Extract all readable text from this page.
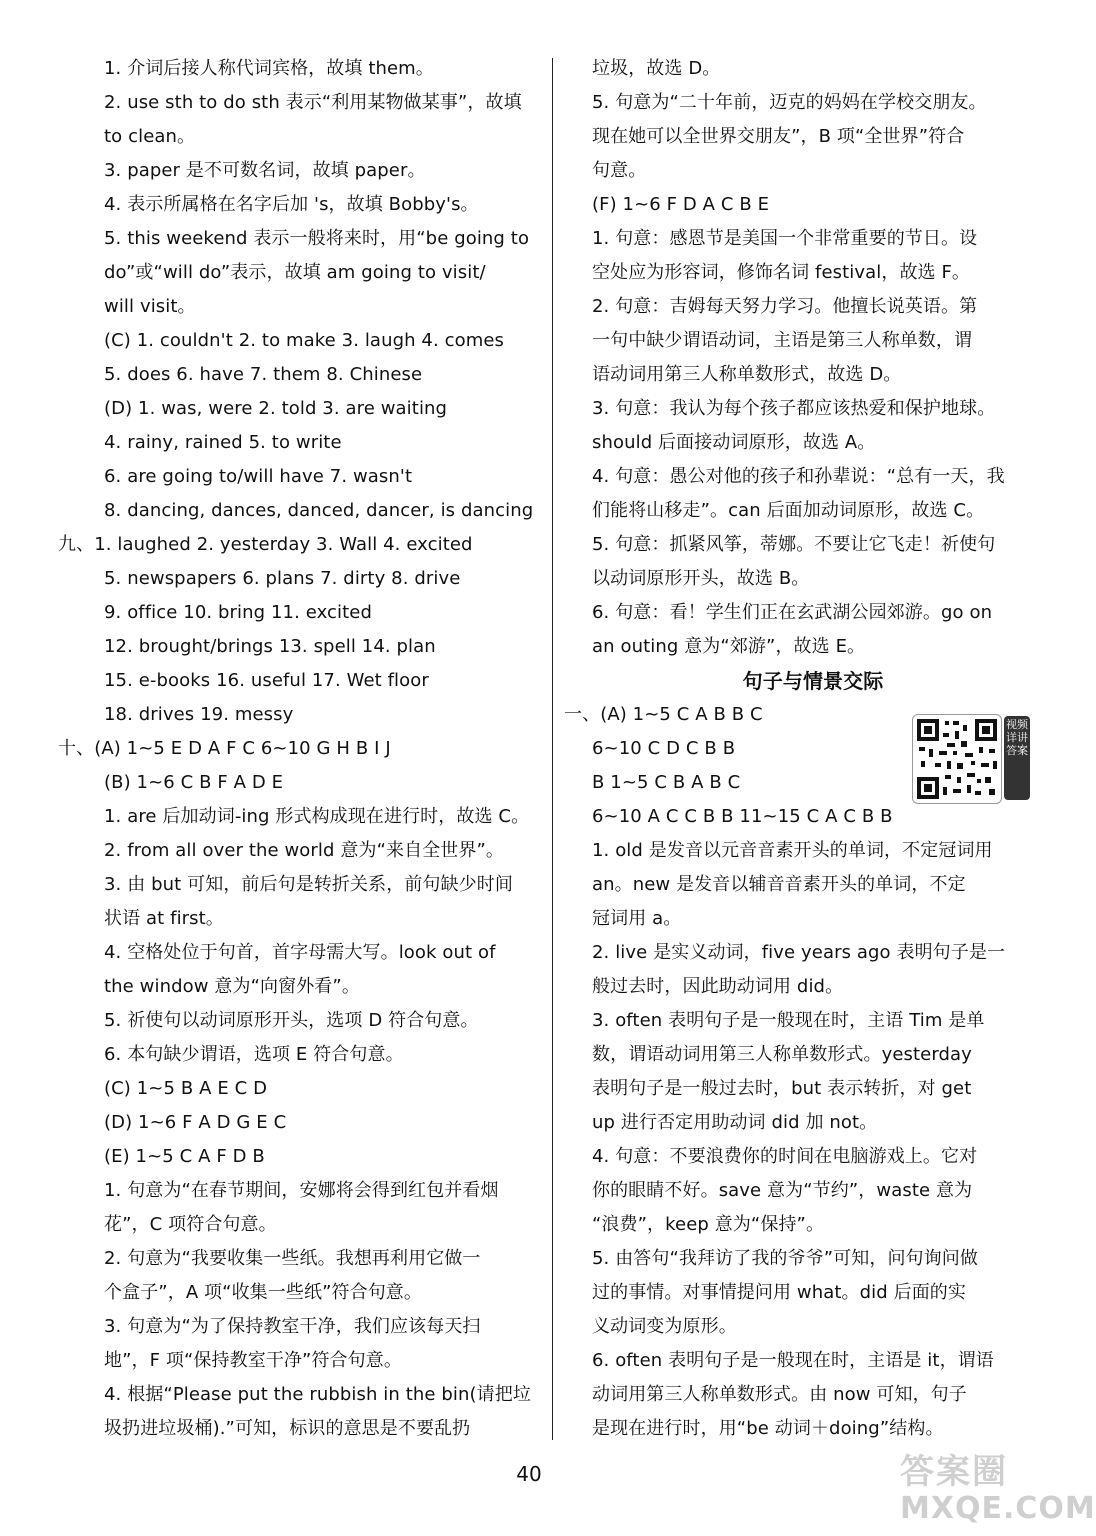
1. 介词后接人称代词宾格，故填 them。
2. use sth to do sth 表示“利用某物做某事”，故填
to clean。
3. paper 是不可数名词，故填 paper。
4. 表示所属格在名字后加 's，故填 Bobby's。
5. this weekend 表示一般将来时，用“be going to
do”或“will do”表示，故填 am going to visit/
will visit。
(C) 1. couldn't 2. to make 3. laugh 4. comes
5. does 6. have 7. them 8. Chinese
(D) 1. was, were 2. told 3. are waiting
4. rainy, rained 5. to write
6. are going to/will have 7. wasn't
8. dancing, dances, danced, dancer, is dancing
九、1. laughed 2. yesterday 3. Wall 4. excited
5. newspapers 6. plans 7. dirty 8. drive
9. office 10. bring 11. excited
12. brought/brings 13. spell 14. plan
15. e-books 16. useful 17. Wet floor
18. drives 19. messy
十、(A) 1~5 E D A F C 6~10 G H B I J
(B) 1~6 C B F A D E
1. are 后加动词-ing 形式构成现在进行时，故选 C。
2. from all over the world 意为“来自全世界”。
3. 由 but 可知，前后句是转折关系，前句缺少时间
状语 at first。
4. 空格处位于句首，首字母需大写。look out of
the window 意为“向窗外看”。
5. 祈使句以动词原形开头，选项 D 符合句意。
6. 本句缺少谓语，选项 E 符合句意。
(C) 1~5 B A E C D
(D) 1~6 F A D G E C
(E) 1~5 C A F D B
1. 句意为“在春节期间，安娜将会得到红包并看烟
花”，C 项符合句意。
2. 句意为“我要收集一些纸。我想再利用它做一
个盒子”，A 项“收集一些纸”符合句意。
3. 句意为“为了保持教室干净，我们应该每天扫
地”，F 项“保持教室干净”符合句意。
4. 根据“Please put the rubbish in the bin(请把垃
圾扔进垃圾桶).”可知，标识的意思是不要乱扔
垃圾，故选 D。
5. 句意为“二十年前，迈克的妈妈在学校交朋友。
现在她可以全世界交朋友”，B 项“全世界”符合
句意。
(F) 1~6 F D A C B E
1. 句意：感恩节是美国一个非常重要的节日。设
空处应为形容词，修饰名词 festival，故选 F。
2. 句意：吉姆每天努力学习。他擅长说英语。第
一句中缺少谓语动词，主语是第三人称单数，谓
语动词用第三人称单数形式，故选 D。
3. 句意：我认为每个孩子都应该热爱和保护地球。
should 后面接动词原形，故选 A。
4. 句意：愚公对他的孩子和孙辈说：“总有一天，我
们能将山移走”。can 后面加动词原形，故选 C。
5. 句意：抓紧风筝，蒂娜。不要让它飞走！祈使句
以动词原形开头，故选 B。
6. 句意：看！学生们正在玄武湖公园郊游。go on
an outing 意为“郊游”，故选 E。
句子与情景交际
一、(A) 1~5 C A B B C
6~10 C D C B B
B 1~5 C B A B C
6~10 A C C B B 11~15 C A C B B
1. old 是发音以元音音素开头的单词，不定冠词用
an。new 是发音以辅音音素开头的单词，不定
冠词用 a。
2. live 是实义动词，five years ago 表明句子是一
般过去时，因此助动词用 did。
3. often 表明句子是一般现在时，主语 Tim 是单
数，谓语动词用第三人称单数形式。yesterday
表明句子是一般过去时，but 表示转折，对 get
up 进行否定用助动词 did 加 not。
4. 句意：不要浪费你的时间在电脑游戏上。它对
你的眼睛不好。save 意为“节约”，waste 意为
“浪费”，keep 意为“保持”。
5. 由答句“我拜访了我的爷爷”可知，问句询问做
过的事情。对事情提问用 what。did 后面的实
义动词变为原形。
6. often 表明句子是一般现在时，主语是 it，谓语
动词用第三人称单数形式。由 now 可知，句子
是现在进行时，用“be 动词＋doing”结构。
视频详讲答案
40	答案圈
MXQE.COM
